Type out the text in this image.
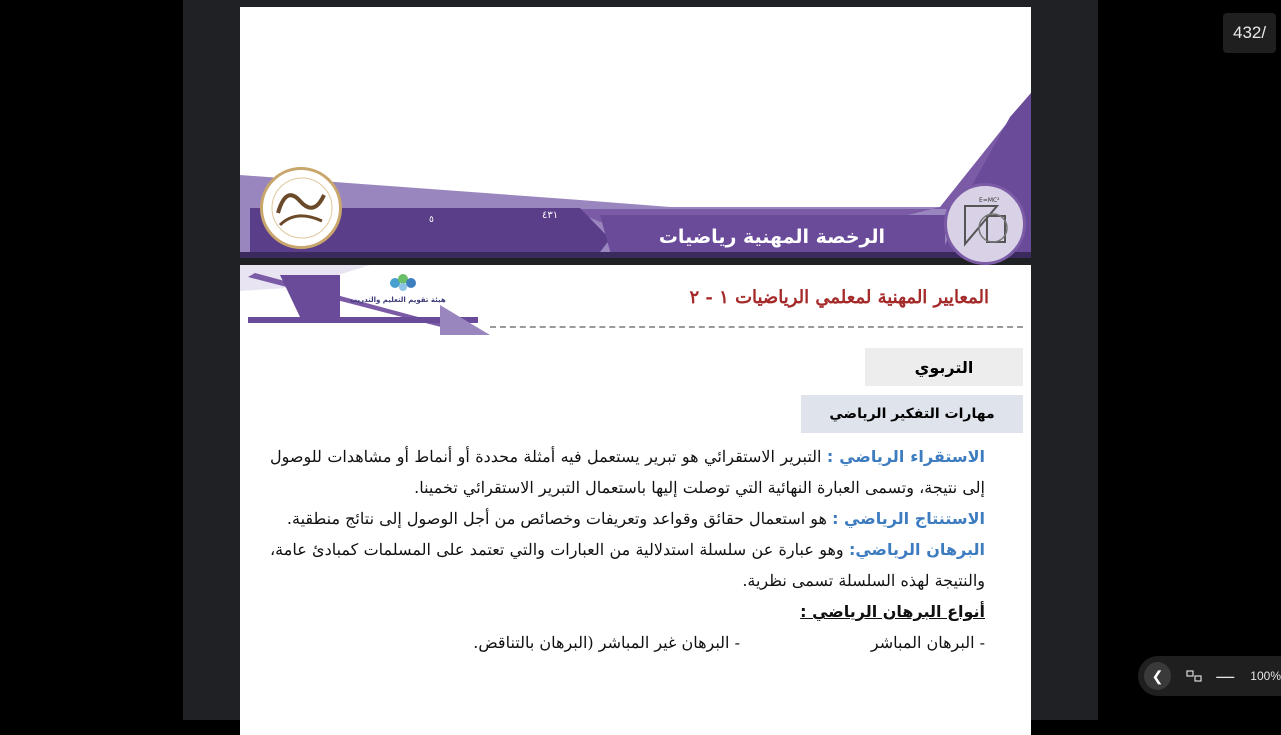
٥	٤٣١
الرخصة المهنية رياضيات
E=MC²
هيئة تقويم التعليم والتدريب	المعايير المهنية لمعلمي الرياضيات ١ - ٢
التربوي
مهارات التفكير الرياضي

الاستقراء الرياضي : التبرير الاستقرائي هو تبرير يستعمل فيه أمثلة محددة أو أنماط أو مشاهدات للوصول إلى نتيجة، وتسمى العبارة النهائية التي توصلت إليها باستعمال التبرير الاستقرائي تخمينا.

الاستنتاج الرياضي : هو استعمال حقائق وقواعد وتعريفات وخصائص من أجل الوصول إلى نتائج منطقية.

البرهان الرياضي: وهو عبارة عن سلسلة استدلالية من العبارات والتي تعتمد على المسلمات كمبادئ عامة، والنتيجة لهذه السلسلة تسمى نظرية.

أنواع البرهان الرياضي :

- البرهان المباشر
- البرهان غير المباشر (البرهان بالتناقض.
432/
❮	— 100%
